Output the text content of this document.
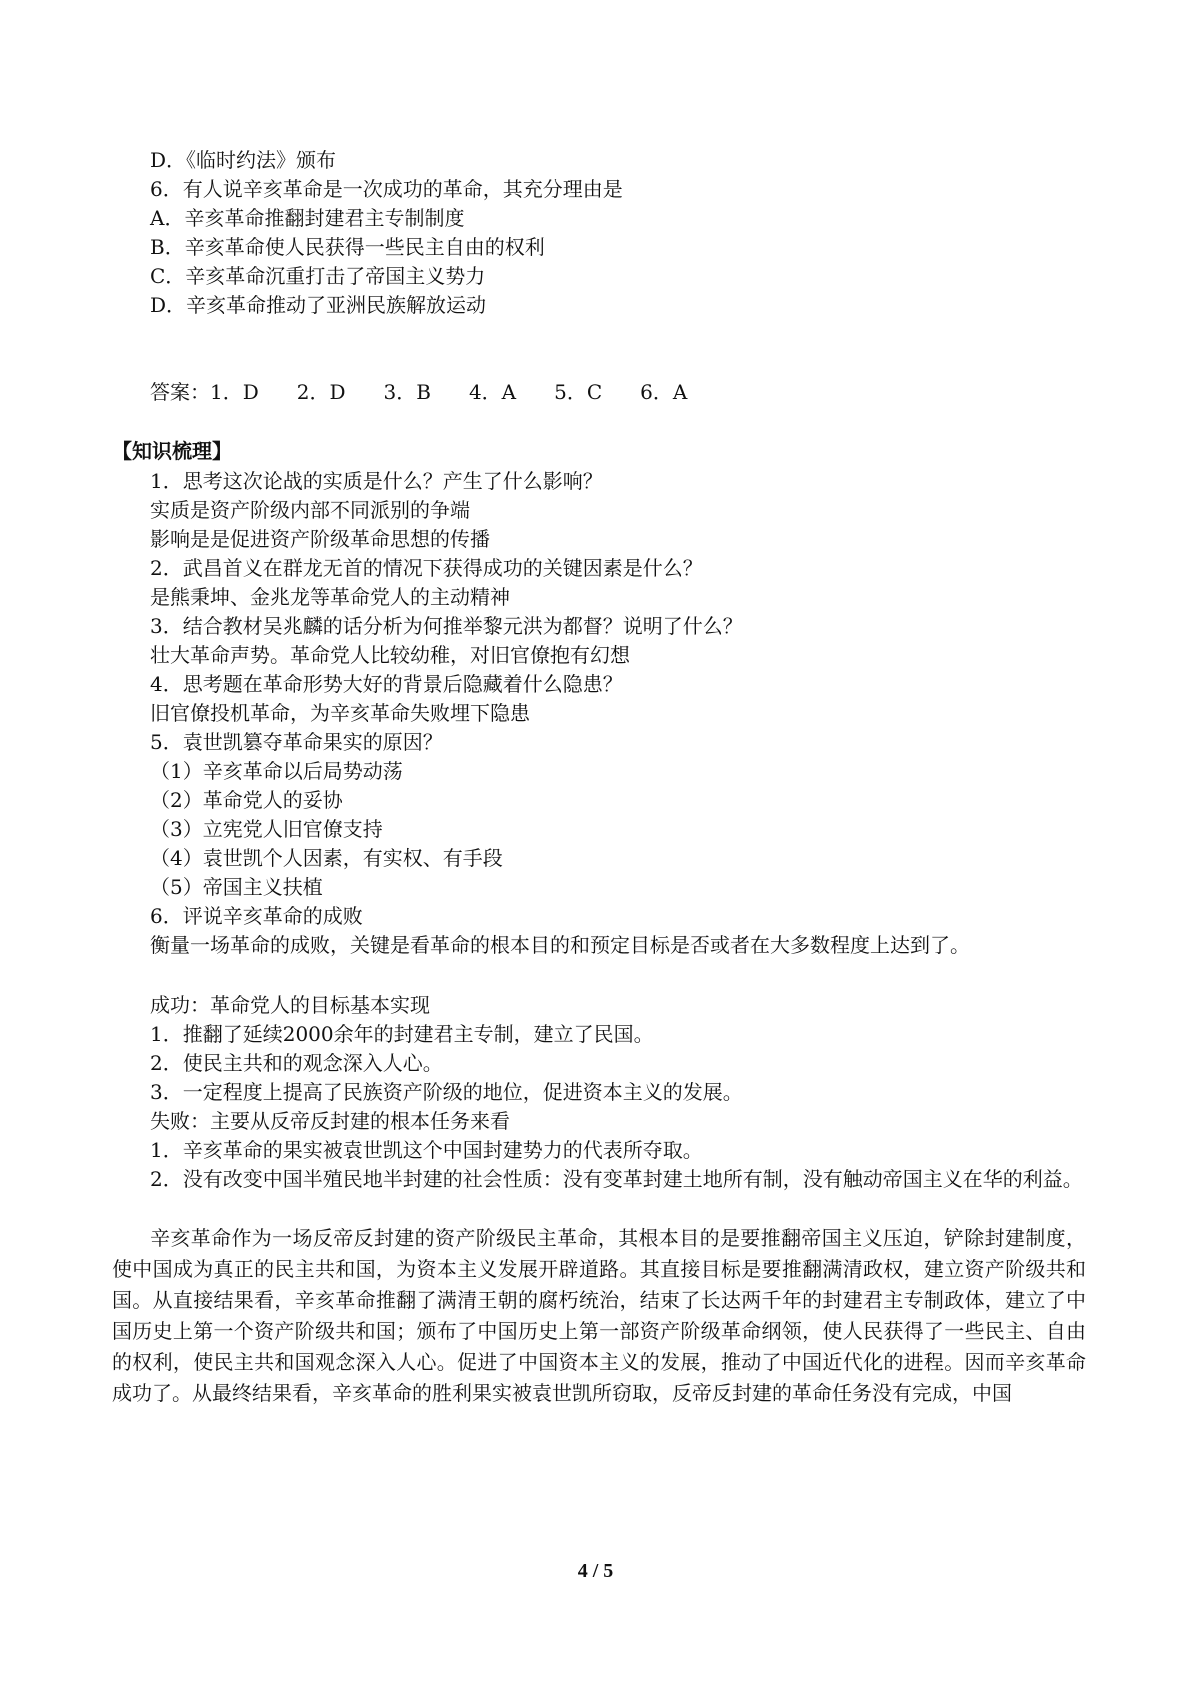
D．《临时约法》颁布
6．有人说辛亥革命是一次成功的革命，其充分理由是
A．辛亥革命推翻封建君主专制制度
B．辛亥革命使人民获得一些民主自由的权利
C．辛亥革命沉重打击了帝国主义势力
D．辛亥革命推动了亚洲民族解放运动
答案：1．D 2．D 3．B 4．A 5．C 6．A
【知识梳理】
1．思考这次论战的实质是什么？产生了什么影响？
实质是资产阶级内部不同派别的争端
影响是是促进资产阶级革命思想的传播
2．武昌首义在群龙无首的情况下获得成功的关键因素是什么？
是熊秉坤、金兆龙等革命党人的主动精神
3．结合教材吴兆麟的话分析为何推举黎元洪为都督？说明了什么？
壮大革命声势。革命党人比较幼稚，对旧官僚抱有幻想
4．思考题在革命形势大好的背景后隐藏着什么隐患？
旧官僚投机革命，为辛亥革命失败埋下隐患
5．袁世凯篡夺革命果实的原因？
（1）辛亥革命以后局势动荡
（2）革命党人的妥协
（3）立宪党人旧官僚支持
（4）袁世凯个人因素，有实权、有手段
（5）帝国主义扶植
6．评说辛亥革命的成败
衡量一场革命的成败，关键是看革命的根本目的和预定目标是否或者在大多数程度上达到了。
成功：革命党人的目标基本实现
1．推翻了延续2000余年的封建君主专制，建立了民国。
2．使民主共和的观念深入人心。
3．一定程度上提高了民族资产阶级的地位，促进资本主义的发展。
失败：主要从反帝反封建的根本任务来看
1．辛亥革命的果实被袁世凯这个中国封建势力的代表所夺取。
2．没有改变中国半殖民地半封建的社会性质：没有变革封建土地所有制，没有触动帝国主义在华的利益。
辛亥革命作为一场反帝反封建的资产阶级民主革命，其根本目的是要推翻帝国主义压迫，铲除封建制度，使中国成为真正的民主共和国，为资本主义发展开辟道路。其直接目标是要推翻满清政权，建立资产阶级共和国。从直接结果看，辛亥革命推翻了满清王朝的腐朽统治，结束了长达两千年的封建君主专制政体，建立了中国历史上第一个资产阶级共和国；颁布了中国历史上第一部资产阶级革命纲领，使人民获得了一些民主、自由的权利，使民主共和国观念深入人心。促进了中国资本主义的发展，推动了中国近代化的进程。因而辛亥革命成功了。从最终结果看，辛亥革命的胜利果实被袁世凯所窃取，反帝反封建的革命任务没有完成，中国
4 / 5
